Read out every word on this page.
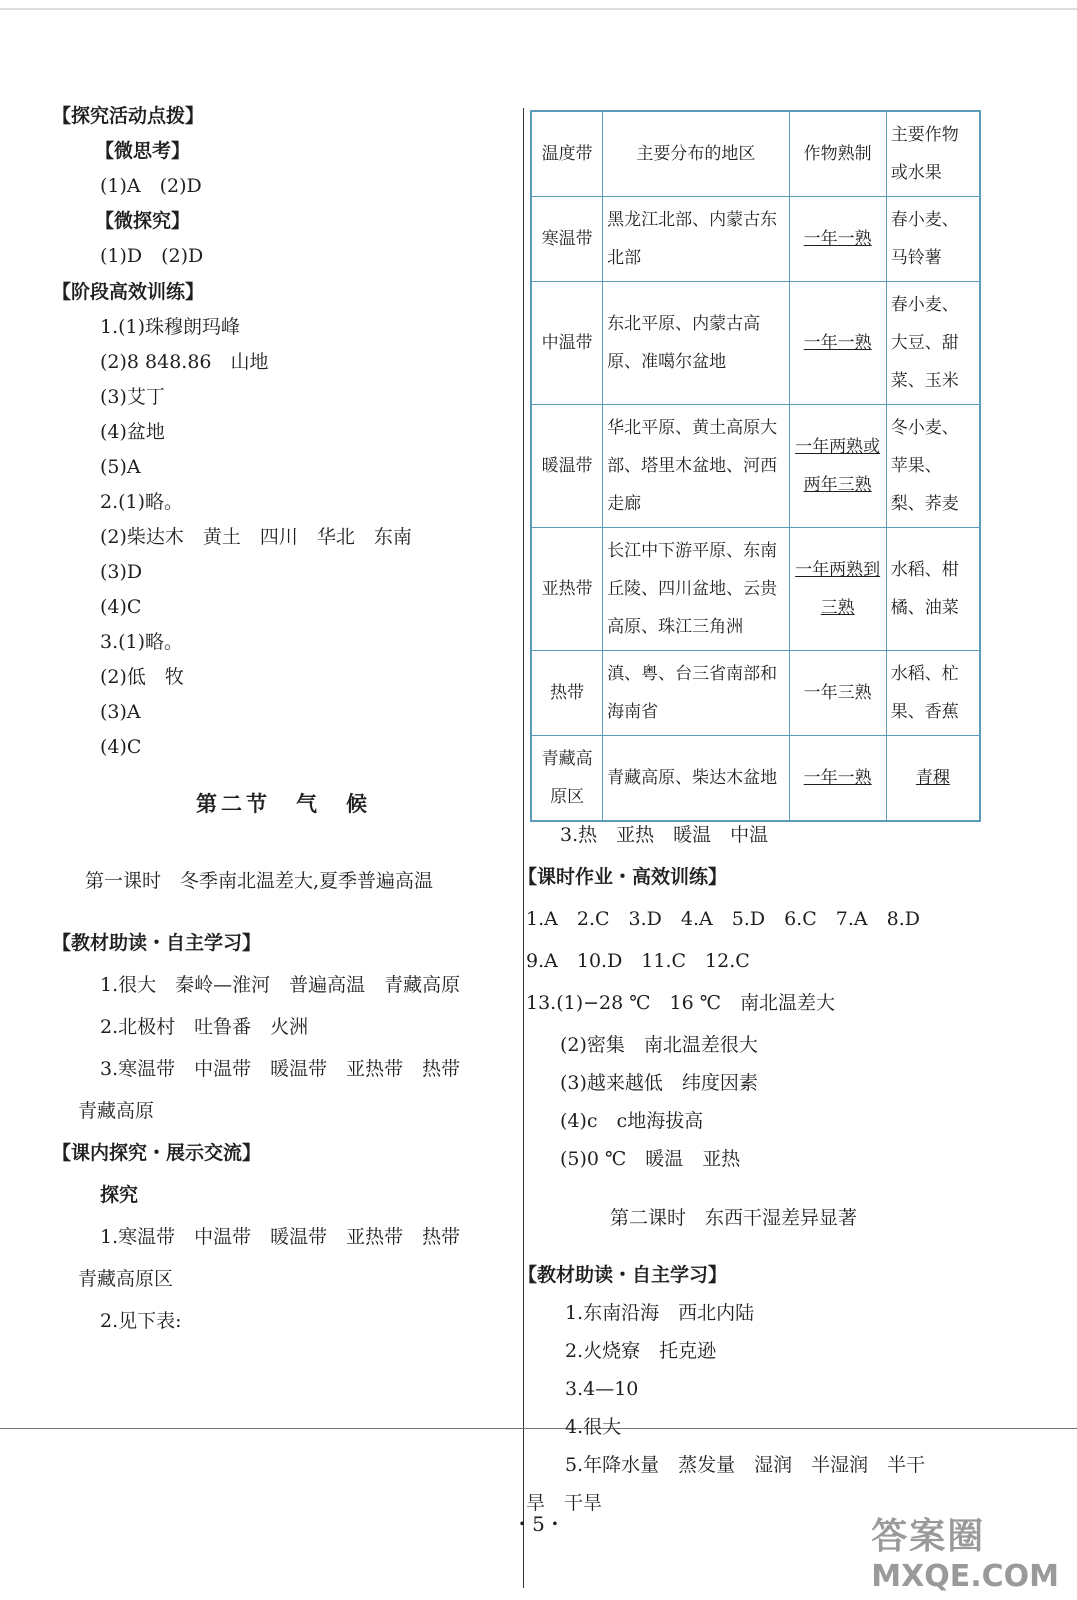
【探究活动点拨】
【微思考】
(1)A　(2)D
【微探究】
(1)D　(2)D
【阶段高效训练】
1.(1)珠穆朗玛峰
(2)8 848.86　山地
(3)艾丁
(4)盆地
(5)A
2.(1)略。
(2)柴达木　黄土　四川　华北　东南
(3)D
(4)C
3.(1)略。
(2)低　牧
(3)A
(4)C
第二节　气　候
第一课时　冬季南北温差大,夏季普遍高温
【教材助读・自主学习】
1.很大　秦岭—淮河　普遍高温　青藏高原
2.北极村　吐鲁番　火洲
3.寒温带　中温带　暖温带　亚热带　热带
青藏高原
【课内探究・展示交流】
探究
1.寒温带　中温带　暖温带　亚热带　热带
青藏高原区
2.见下表:
温度带	主要分布的地区	作物熟制	主要作物或水果
寒温带	黑龙江北部、内蒙古东北部	一年一熟	春小麦、马铃薯
中温带	东北平原、内蒙古高原、准噶尔盆地	一年一熟	春小麦、大豆、甜菜、玉米
暖温带	华北平原、黄土高原大部、塔里木盆地、河西走廊	一年两熟或两年三熟	冬小麦、苹果、梨、荞麦
亚热带	长江中下游平原、东南丘陵、四川盆地、云贵高原、珠江三角洲	一年两熟到三熟	水稻、柑橘、油菜
热带	滇、粤、台三省南部和海南省	一年三熟	水稻、杧果、香蕉
青藏高原区	青藏高原、柴达木盆地	一年一熟	青稞
3.热　亚热　暖温　中温
【课时作业・高效训练】
1.A　2.C　3.D　4.A　5.D　6.C　7.A　8.D
9.A　10.D　11.C　12.C
13.(1)−28 ℃　16 ℃　南北温差大
(2)密集　南北温差很大
(3)越来越低　纬度因素
(4)c　c地海拔高
(5)0 ℃　暖温　亚热
第二课时　东西干湿差异显著
【教材助读・自主学习】
1.东南沿海　西北内陆
2.火烧寮　托克逊
3.4—10
4.很大
5.年降水量　蒸发量　湿润　半湿润　半干
旱　干旱
・5・	答案圈
MXQE.COM
